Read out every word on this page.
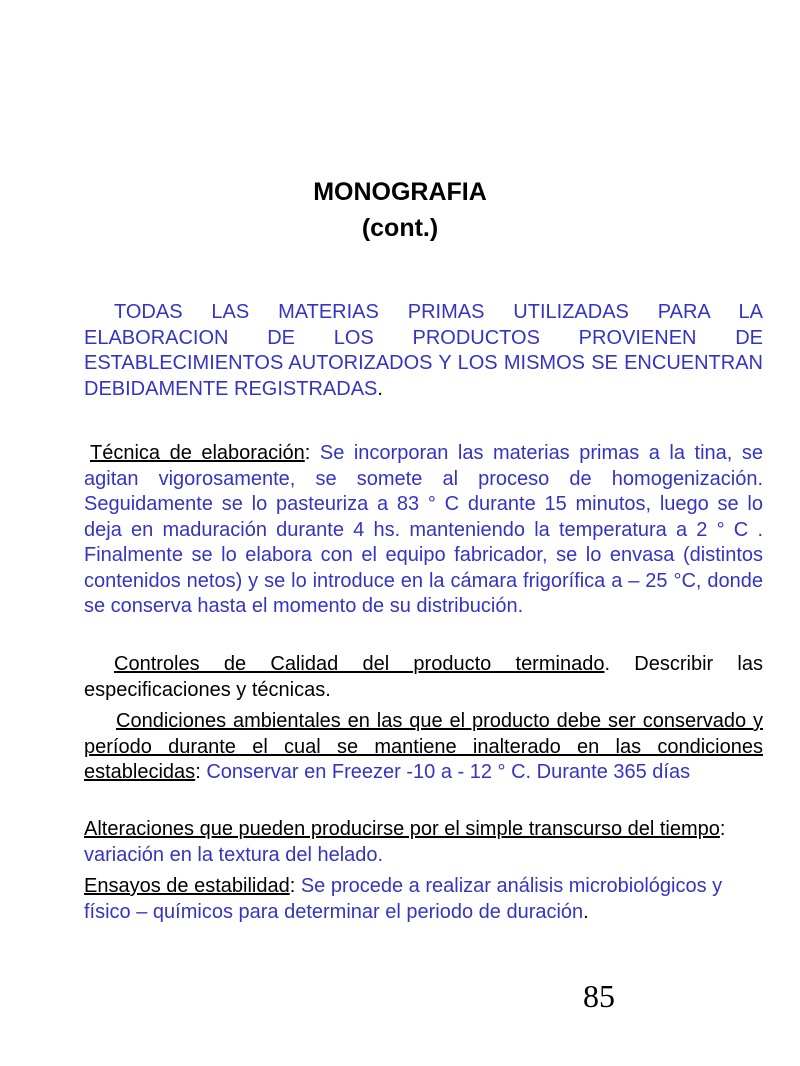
MONOGRAFIA
(cont.)
TODAS LAS MATERIAS PRIMAS UTILIZADAS PARA LA ELABORACION DE LOS PRODUCTOS PROVIENEN DE ESTABLECIMIENTOS AUTORIZADOS Y LOS MISMOS SE ENCUENTRAN DEBIDAMENTE REGISTRADAS.
Técnica de elaboración: Se incorporan las materias primas a la tina, se agitan vigorosamente, se somete al proceso de homogenización. Seguidamente se lo pasteuriza a 83 ° C durante 15 minutos, luego se lo deja en maduración durante 4 hs. manteniendo la temperatura a 2 ° C . Finalmente se lo elabora con el equipo fabricador, se lo envasa (distintos contenidos netos) y se lo introduce en la cámara frigorífica a – 25 °C, donde se conserva hasta el momento de su distribución.
Controles de Calidad del producto terminado. Describir las especificaciones y técnicas.
Condiciones ambientales en las que el producto debe ser conservado y período durante el cual se mantiene inalterado en las condiciones establecidas: Conservar en Freezer -10 a - 12 ° C. Durante 365 días
Alteraciones que pueden producirse por el simple transcurso del tiempo: variación en la textura del helado.
Ensayos de estabilidad: Se procede a realizar análisis microbiológicos y físico – químicos para determinar el periodo de duración.
85
